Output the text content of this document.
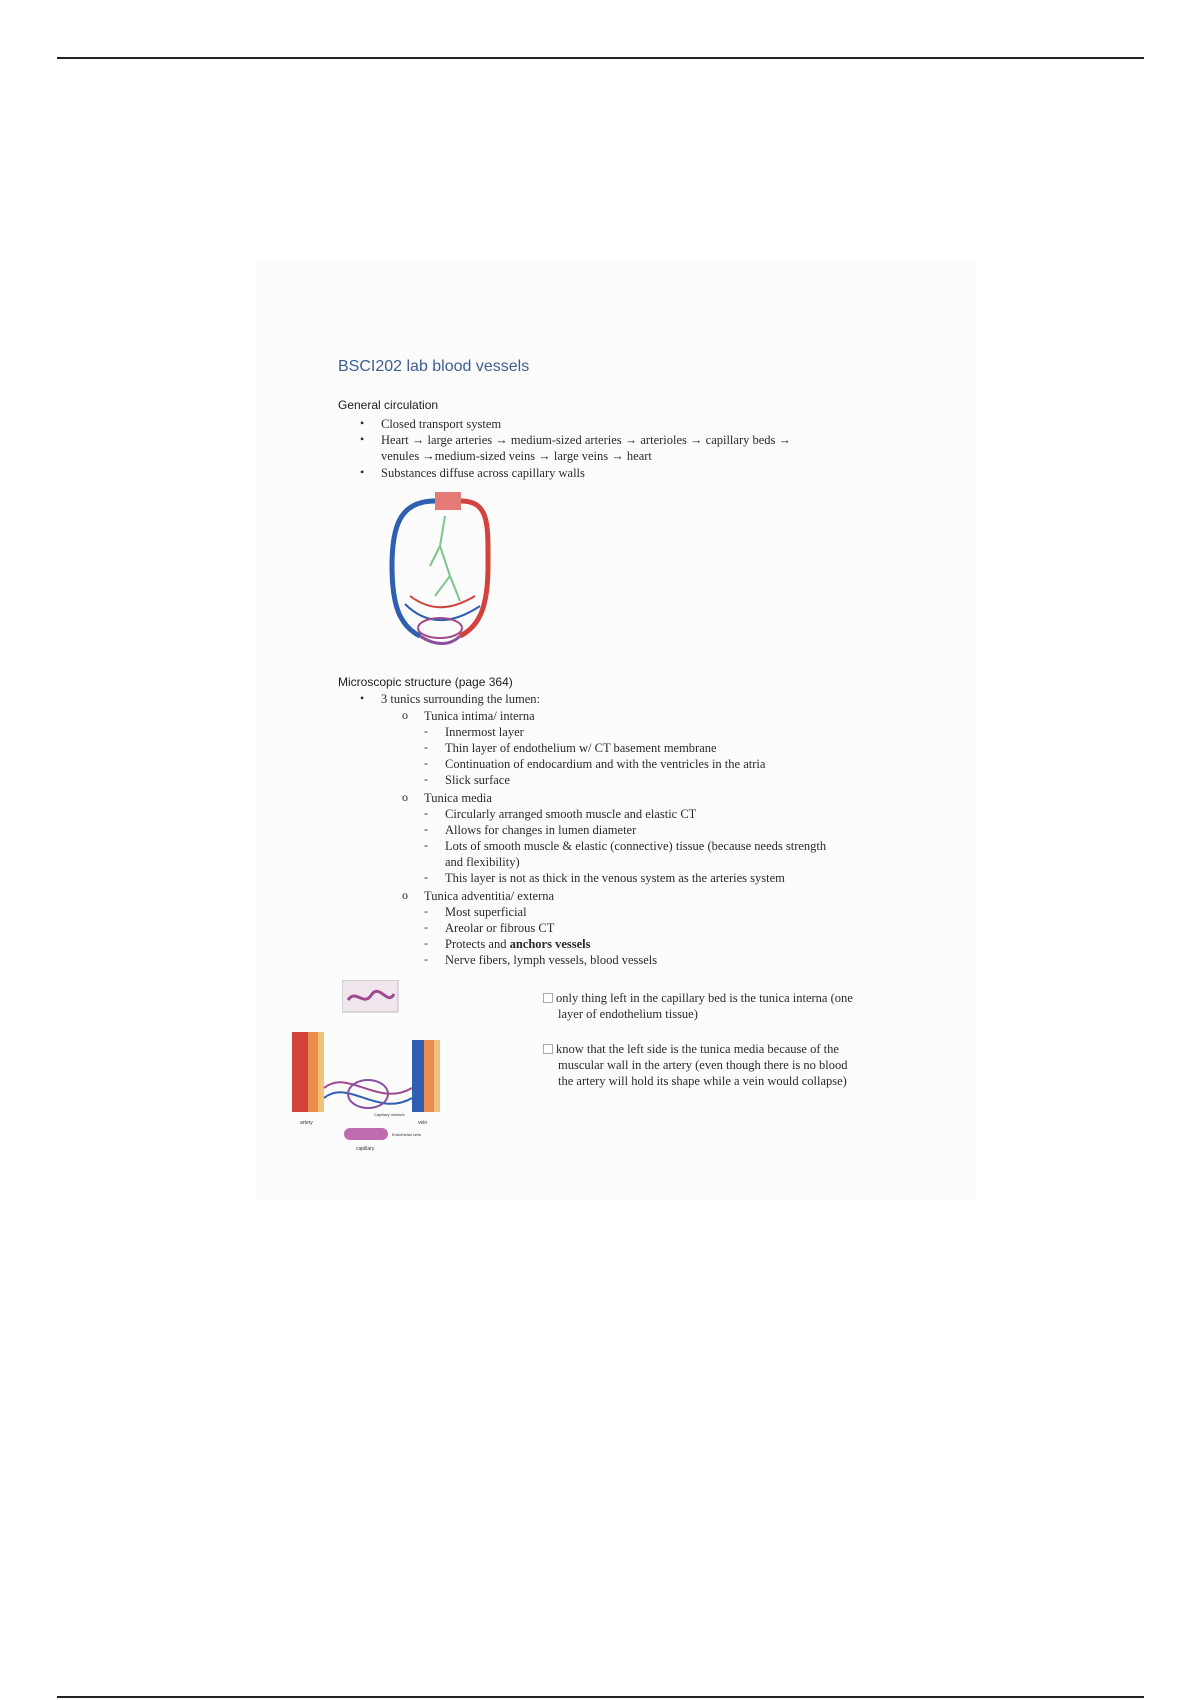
BSCI202 lab blood vessels
General circulation
• Closed transport system
• Heart → large arteries → medium-sized arteries → arterioles → capillary beds →
venules →medium-sized veins → large veins → heart
• Substances diffuse across capillary walls
Microscopic structure (page 364)
• 3 tunics surrounding the lumen:
o Tunica intima/ interna
- Innermost layer
- Thin layer of endothelium w/ CT basement membrane
- Continuation of endocardium and with the ventricles in the atria
- Slick surface
o Tunica media
- Circularly arranged smooth muscle and elastic CT
- Allows for changes in lumen diameter
- Lots of smooth muscle & elastic (connective) tissue (because needs strength
and flexibility)
- This layer is not as thick in the venous system as the arteries system
o Tunica adventitia/ externa
- Most superficial
- Areolar or fibrous CT
- Protects and anchors vessels
- Nerve fibers, lymph vessels, blood vessels
artery	vein
capillary
Endothelial cells
Capillary network
only thing left in the capillary bed is the tunica interna (one
layer of endothelium tissue)
know that the left side is the tunica media because of the
muscular wall in the artery (even though there is no blood
the artery will hold its shape while a vein would collapse)
